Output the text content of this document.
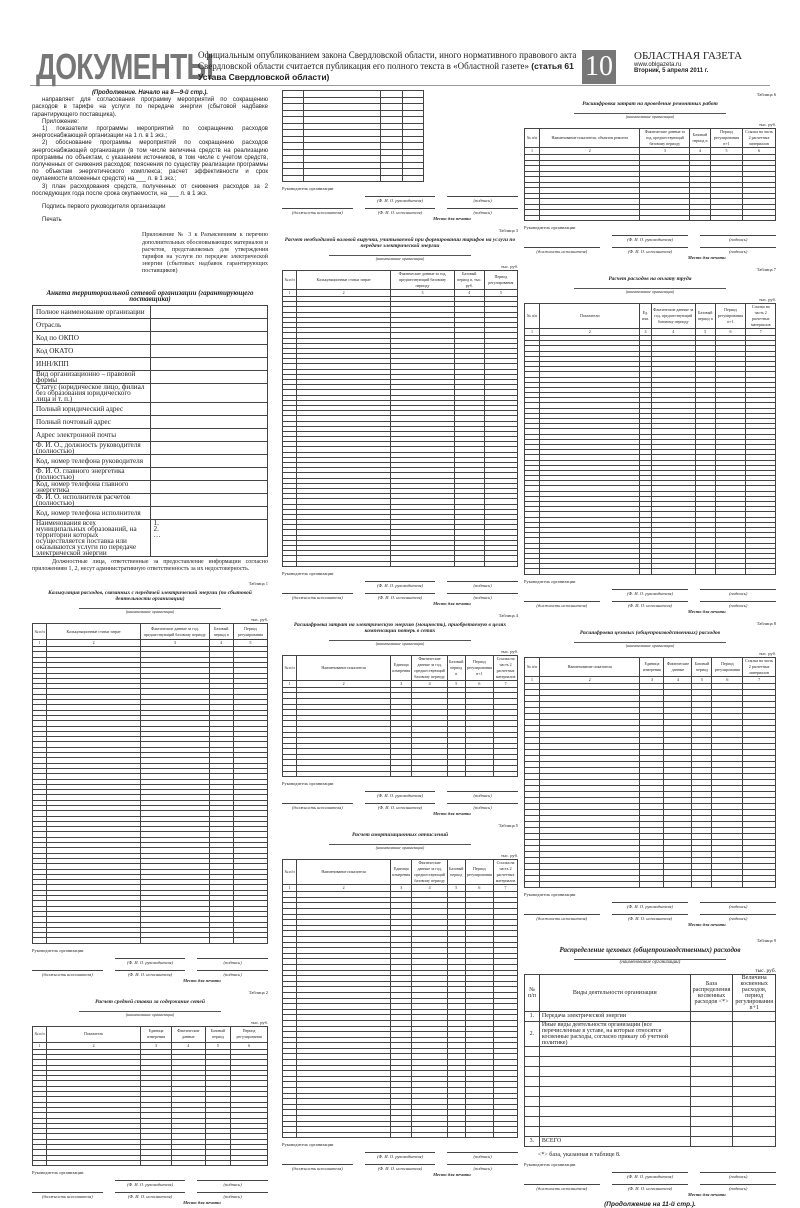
ДОКУМЕНТЫ
Официальным опубликованием закона Свердловской области, иного нормативного правового акта Свердловской области считается публикация его полного текста в «Областной газете» (статья 61 Устава Свердловской области)	10 ОБЛАСТНАЯ ГАЗЕТА
www.oblgazeta.ru
Вторник, 5 апреля 2011 г.
(Продолжение. Начало на 8—9-й стр.).
направляет для согласования программу мероприятий по сокращению расходов в тарифе на услуги по передаче энергии (сбытовой надбавке гарантирующего поставщика).
Приложение:
1) показатели программы мероприятий по сокращению расходов энергоснабжающей организации на 1 л. в 1 экз.;
2) обоснование программы мероприятий по сокращению расходов энергоснабжающей организации (в том числе величина средств на реализацию программы по объектам, с указанием источников, в том числе с учетом средств, полученных от снижения расходов; пояснения по существу реализации программы по объектам энергетического комплекса; расчет эффективности и срок окупаемости вложенных средств) на ___ л. в 1 экз.;
3) план расходования средств, полученных от снижения расходов за 2 последующих года после срока окупаемости, на ___ л. в 1 экз.
Подпись первого руководителя организации
Печать
Приложение № 3 к Разъяснениям к перечню дополнительных обосновывающих материалов и расчетов, представляемых для утверждения тарифов на услуги по передаче электрической энергии (сбытовых надбавок гарантирующих поставщиков)
Анкета территориальной сетевой организации (гарантирующего поставщика)
Полное наименование организации	
Отрасль	
Код по ОКПО	
Код ОКАТО	
ИНН/КПП	
Вид организационно – правовой формы	
Статус (юридическое лицо, филиал без образования юридического лица и т. п.)	
Полный юридический адрес	
Полный почтовый адрес	
Адрес электронной почты	
Ф. И. О., должность руководителя (полностью)	
Код, номер телефона руководителя	
Ф. И. О. главного энергетика (полностью)	
Код, номер телефона главного энергетика	
Ф. И. О. исполнителя расчетов (полностью)	
Код, номер телефона исполнителя	
Наименования всех муниципальных образований, на территории которых осуществляется поставка или оказываются услуги по передаче электрической энергии	1.
2.
…
Должностные лица, ответственные за предоставление информации согласно приложениям 1, 2, несут административную ответственность за их недостоверность.
Таблица 1
Калькуляция расходов, связанных с передачей электрической энергии (по сбытовой деятельности организации)
(наименование организации)
тыс. руб.
№ п/п	Калькуляционные статьи затрат	Фактические данные за год, предшествующий базовому периоду	Базовый период n	Период регулирования
1	2	3	4	5

Руководитель организации
(Ф. И. О. руководителя)	(подпись)
(должность исполнителя)	(Ф. И. О. исполнителя)	(подпись)
Место для печати
Таблица 2
Расчет средней ставки за содержание сетей
(наименование организации)
тыс. руб.
№ п/п	Показатель	Единица измерения	Фактические данные	Базовый период	Период регулирования
1	2	3	4	5	6

Руководитель организации
(Ф. И. О. руководителя)	(подпись)
(должность исполнителя)	(Ф. И. О. исполнителя)	(подпись)
Место для печати

Руководитель организации
(Ф. И. О. руководителя)	(подпись)
(должность исполнителя)	(Ф. И. О. исполнителя)	(подпись)
Место для печати
Таблица 3
Расчет необходимой валовой выручки, учитываемой при формировании тарифов на услуги по передаче электрической энергии
(наименование организации)
тыс. руб.
№ п/п	Калькуляционные статьи затрат	Фактические данные за год, предшествующий базовому периоду	Базовый период n, тыс. руб.	Период регулирования
1	2	3	4	5

Руководитель организации
(Ф. И. О. руководителя)	(подпись)
(должность исполнителя)	(Ф. И. О. исполнителя)	(подпись)
Место для печати
Таблица 4
Расшифровка затрат на электрическую энергию (мощность), приобретаемую в целях компенсации потерь в сетях
(наименование организации)
тыс. руб.
№ п/п	Наименование показателя	Единица измерения	Фактические данные за год, предшествующий базовому периоду	Базовый период n	Период регулирования n+1	Ссылка на часть 2 расчетных материалов
1	2	3	4	5	6	7

Руководитель организации
(Ф. И. О. руководителя)	(подпись)
(должность исполнителя)	(Ф. И. О. исполнителя)	(подпись)
Место для печати
Таблица 5
Расчет амортизационных отчислений
(наименование организации)
тыс. руб.
№ п/п	Наименование показателя	Единица измерения	Фактические данные за год, предшествующий базовому периоду	Базовый период	Период регулирования	Ссылка на часть 2 расчетных материалов
1	2	3	4	5	6	7

Руководитель организации
(Ф. И. О. руководителя)	(подпись)
(должность исполнителя)	(Ф. И. О. исполнителя)	(подпись)
Место для печати
Таблица 6
Расшифровка затрат на проведение ремонтных работ
(наименование организации)
тыс. руб.
№ п/п	Наименование показателя, объектов ремонта	Фактические данные за год, предшествующий базовому периоду	Базовый период n	Период регулирования n+1	Ссылка на часть 2 расчетных материалов
1	2	3	4	5	6

Руководитель организации
(Ф. И. О. руководителя)	(подпись)
(должность исполнителя)	(Ф. И. О. исполнителя)	(подпись)
Место для печати
Таблица 7
Расчет расходов на оплату труда
(наименование организации)
тыс. руб.
№ п/п	Показатели	Ед. изм.	Фактические данные за год, предшествующий базовому периоду	Базовый период n	Период регулирования n+1	Ссылка на часть 2 расчетных материалов
1	2	3	4	5	6	7

Руководитель организации
(Ф. И. О. руководителя)	(подпись)
(должность исполнителя)	(Ф. И. О. исполнителя)	(подпись)
Место для печати
Таблица 8
Расшифровка цеховых (общепроизводственных) расходов
(наименование организации)
тыс. руб.
№ п/п	Наименование показателя	Единица измерения	Фактические данные	Базовый период	Период регулирования	Ссылка на часть 2 расчетных материалов
1	2	3	4	5	6	7

Руководитель организации
(Ф. И. О. руководителя)	(подпись)
(должность исполнителя)	(Ф. И. О. исполнителя)	(подпись)
Место для печати
Таблица 9
Распределение цеховых (общепроизводственных) расходов
(наименование организации)
тыс. руб.
№ п/п	Виды деятельности организации	База распределения косвенных расходов <*>	Величина косвенных расходов, период регулирования n+1
1.	Передача электрической энергии		
2.	Иные виды деятельности организации (все перечисленные в уставе, на которые относятся косвенные расходы, согласно приказу об учетной политике)		

3.	ВСЕГО		
<*> база, указанная в таблице 8.
Руководитель организации
(Ф. И. О. руководителя)	(подпись)
(должность исполнителя)	(Ф. И. О. исполнителя)	(подпись)
Место для печати
(Продолжение на 11-й стр.).
